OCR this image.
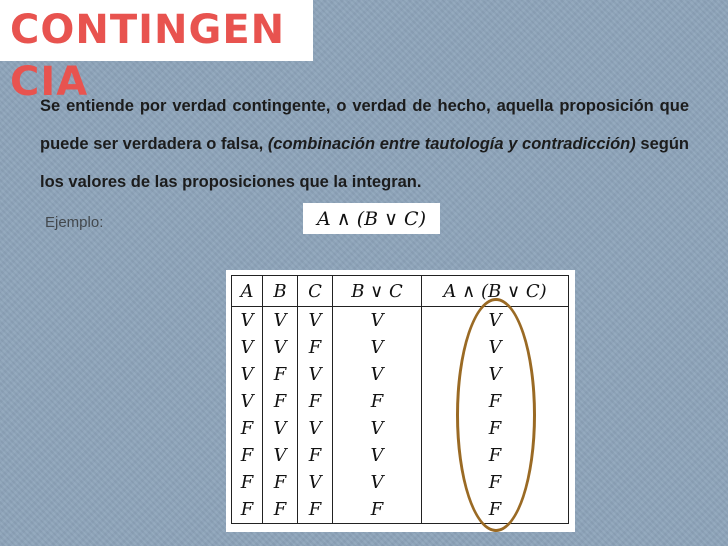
CONTINGENCIA

Se entiende por verdad contingente, o verdad de hecho, aquella proposición que puede ser verdadera o falsa, (combinación entre tautología y contradicción) según los valores de las proposiciones que la integran.

Ejemplo:	A ∧ (B ∨ C)
A	B	C	B ∨ C	A ∧ (B ∨ C)
V	V	V	V	V
V	V	F	V	V
V	F	V	V	V
V	F	F	F	F
F	V	V	V	F
F	V	F	V	F
F	F	V	V	F
F	F	F	F	F
